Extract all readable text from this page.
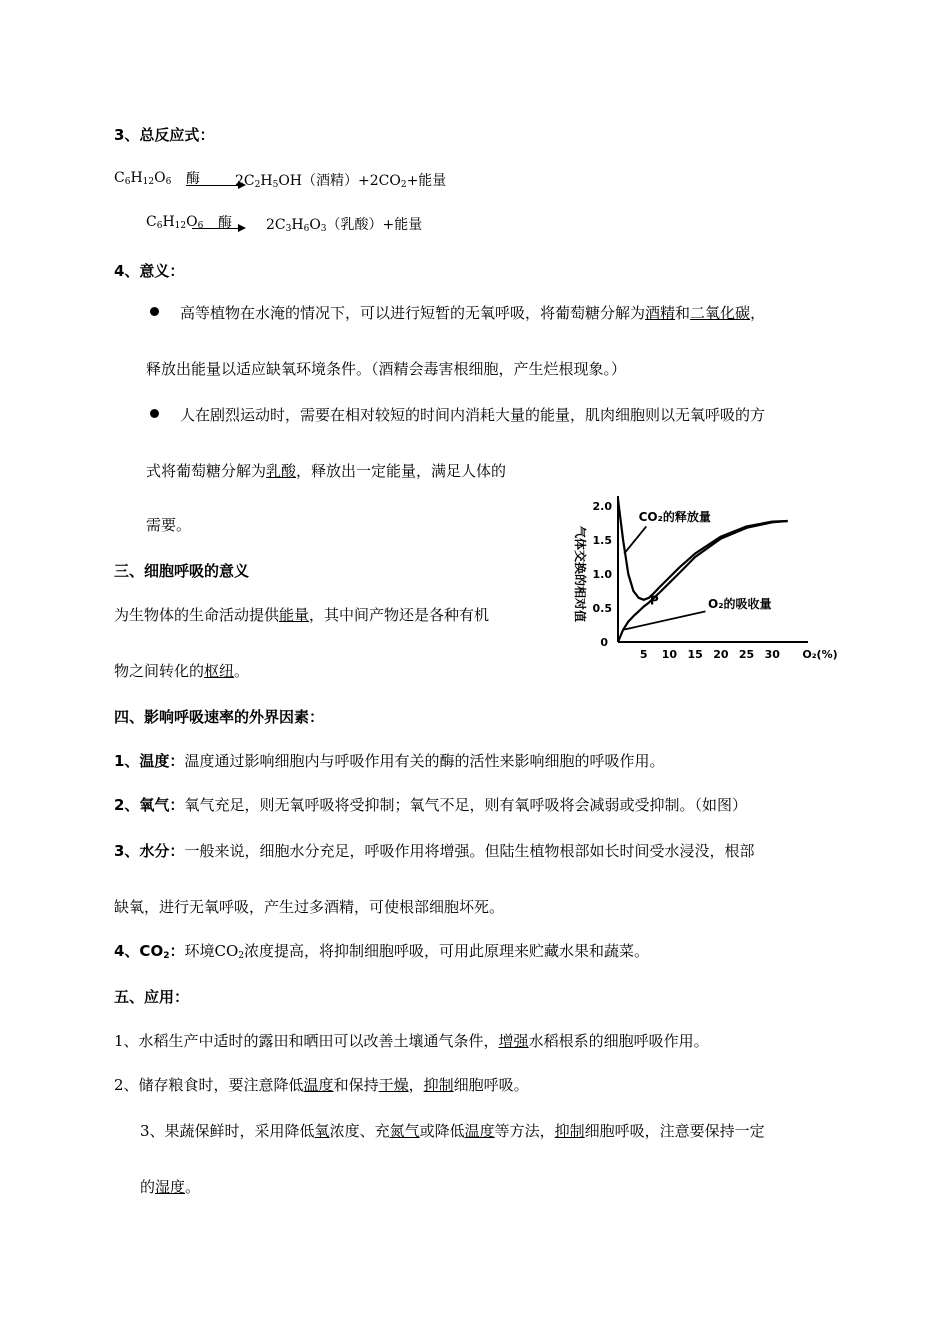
3、总反应式：
$C_6H_{12}O_6$ 酶	$2C_2H_5OH$（酒精）$+2CO_2+$能量
$C_6H_{12}O_6$ 酶 → $2C_3H_6O_3$（乳酸）+能量
4、意义：
高等植物在水淹的情况下，可以进行短暂的无氧呼吸，将葡萄糖分解为酒精和二氧化碳，
释放出能量以适应缺氧环境条件。（酒精会毒害根细胞，产生烂根现象。）
人在剧烈运动时，需要在相对较短的时间内消耗大量的能量，肌肉细胞则以无氧呼吸的方
式将葡萄糖分解为乳酸，释放出一定能量，满足人体的
需要。
三、细胞呼吸的意义
为生物体的生命活动提供能量，其中间产物还是各种有机
物之间转化的枢纽。
气体交换的相对值 0.5
1.0
1.5
2.0
0
5 10 15 20 25 30 O₂(%)
CO₂的释放量
O₂的吸收量
P
四、影响呼吸速率的外界因素：
1、温度：温度通过影响细胞内与呼吸作用有关的酶的活性来影响细胞的呼吸作用。
2、氧气：氧气充足，则无氧呼吸将受抑制；氧气不足，则有氧呼吸将会减弱或受抑制。（如图）
3、水分：一般来说，细胞水分充足，呼吸作用将增强。但陆生植物根部如长时间受水浸没，根部
缺氧，进行无氧呼吸，产生过多酒精，可使根部细胞坏死。
4、$CO_2$：环境$CO_2$浓度提高，将抑制细胞呼吸，可用此原理来贮藏水果和蔬菜。
五、应用：
1、水稻生产中适时的露田和晒田可以改善土壤通气条件，增强水稻根系的细胞呼吸作用。
2、储存粮食时，要注意降低温度和保持干燥，抑制细胞呼吸。
3、果蔬保鲜时，采用降低氧浓度、充氮气或降低温度等方法，抑制细胞呼吸，注意要保持一定
的湿度。
